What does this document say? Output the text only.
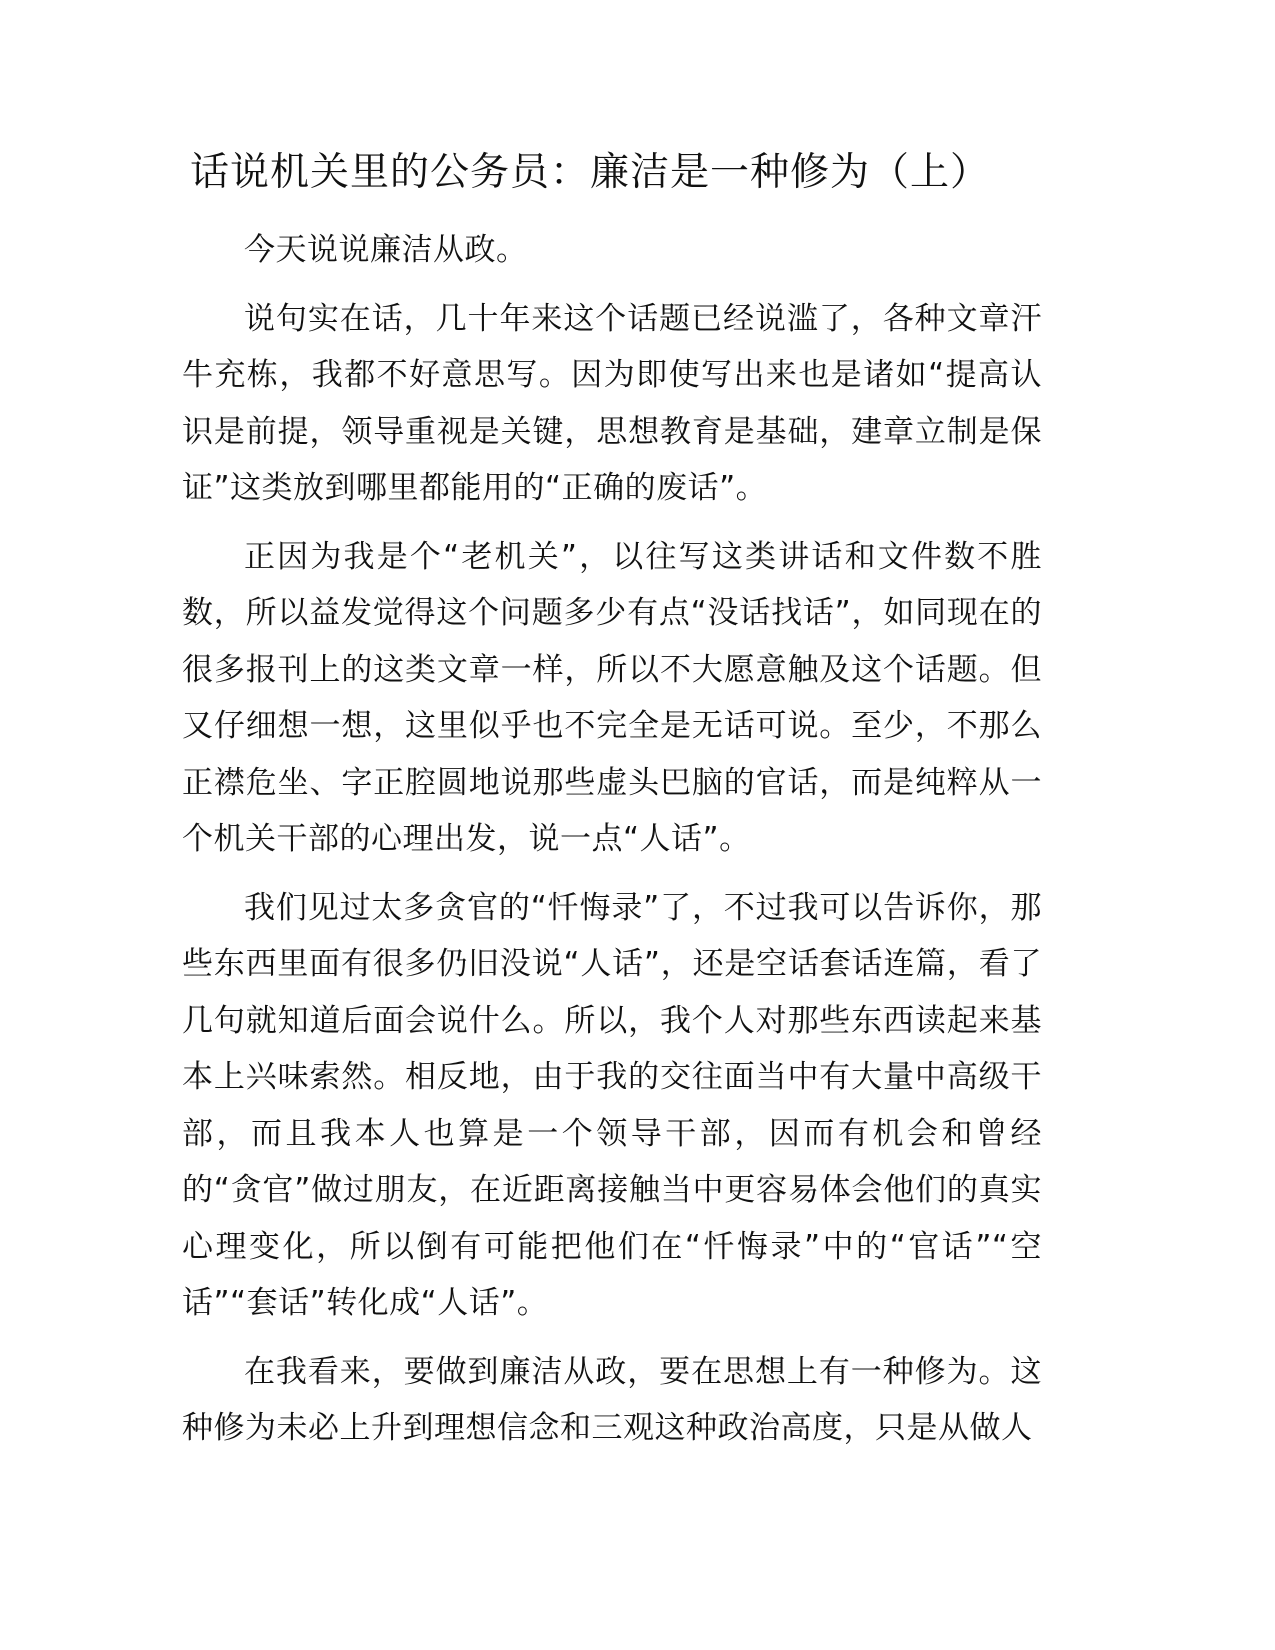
话说机关里的公务员：廉洁是一种修为（上）

今天说说廉洁从政。

说句实在话，几十年来这个话题已经说滥了，各种文章汗牛充栋，我都不好意思写。因为即使写出来也是诸如“提高认识是前提，领导重视是关键，思想教育是基础，建章立制是保证”这类放到哪里都能用的“正确的废话”。

正因为我是个“老机关”，以往写这类讲话和文件数不胜数，所以益发觉得这个问题多少有点“没话找话”，如同现在的很多报刊上的这类文章一样，所以不大愿意触及这个话题。但又仔细想一想，这里似乎也不完全是无话可说。至少，不那么正襟危坐、字正腔圆地说那些虚头巴脑的官话，而是纯粹从一个机关干部的心理出发，说一点“人话”。

我们见过太多贪官的“忏悔录”了，不过我可以告诉你，那些东西里面有很多仍旧没说“人话”，还是空话套话连篇，看了几句就知道后面会说什么。所以，我个人对那些东西读起来基本上兴味索然。相反地，由于我的交往面当中有大量中高级干部，而且我本人也算是一个领导干部，因而有机会和曾经的“贪官”做过朋友，在近距离接触当中更容易体会他们的真实心理变化，所以倒有可能把他们在“忏悔录”中的“官话”“空话”“套话”转化成“人话”。

在我看来，要做到廉洁从政，要在思想上有一种修为。这种修为未必上升到理想信念和三观这种政治高度，只是从做人
